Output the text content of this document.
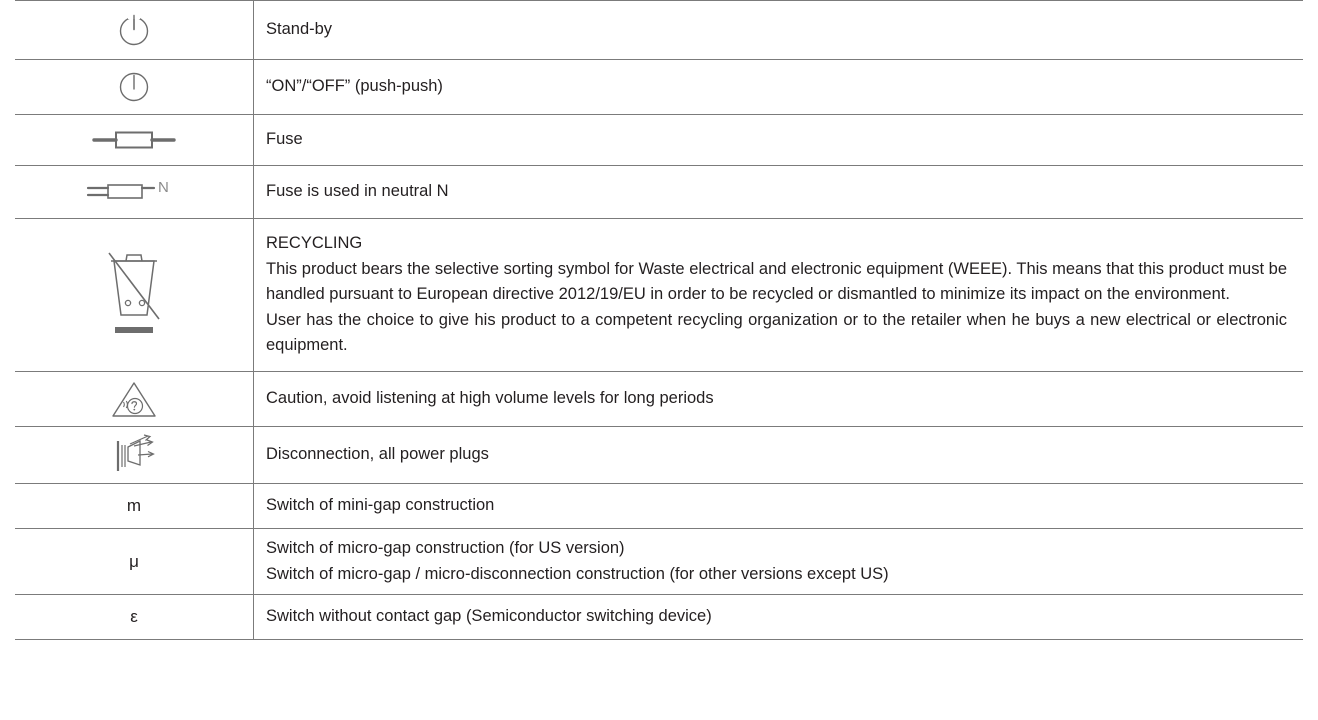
Stand-by

“ON”/“OFF” (push-push)

Fuse

N	Fuse is used in neutral N

RECYCLING
This product bears the selective sorting symbol for Waste electrical and electronic equipment (WEEE). This means that this product must be handled pursuant to European directive 2012/19/EU in order to be recycled or dismantled to minimize its impact on the environment.
User has the choice to give his product to a competent recycling organization or to the retailer when he buys a new electrical or electronic equipment.

Caution, avoid listening at high volume levels for long periods

Disconnection, all power plugs

m	Switch of mini-gap construction

μ	Switch of micro-gap construction (for US version)
Switch of micro-gap / micro-disconnection construction (for other versions except US)

ε	Switch without contact gap (Semiconductor switching device)
